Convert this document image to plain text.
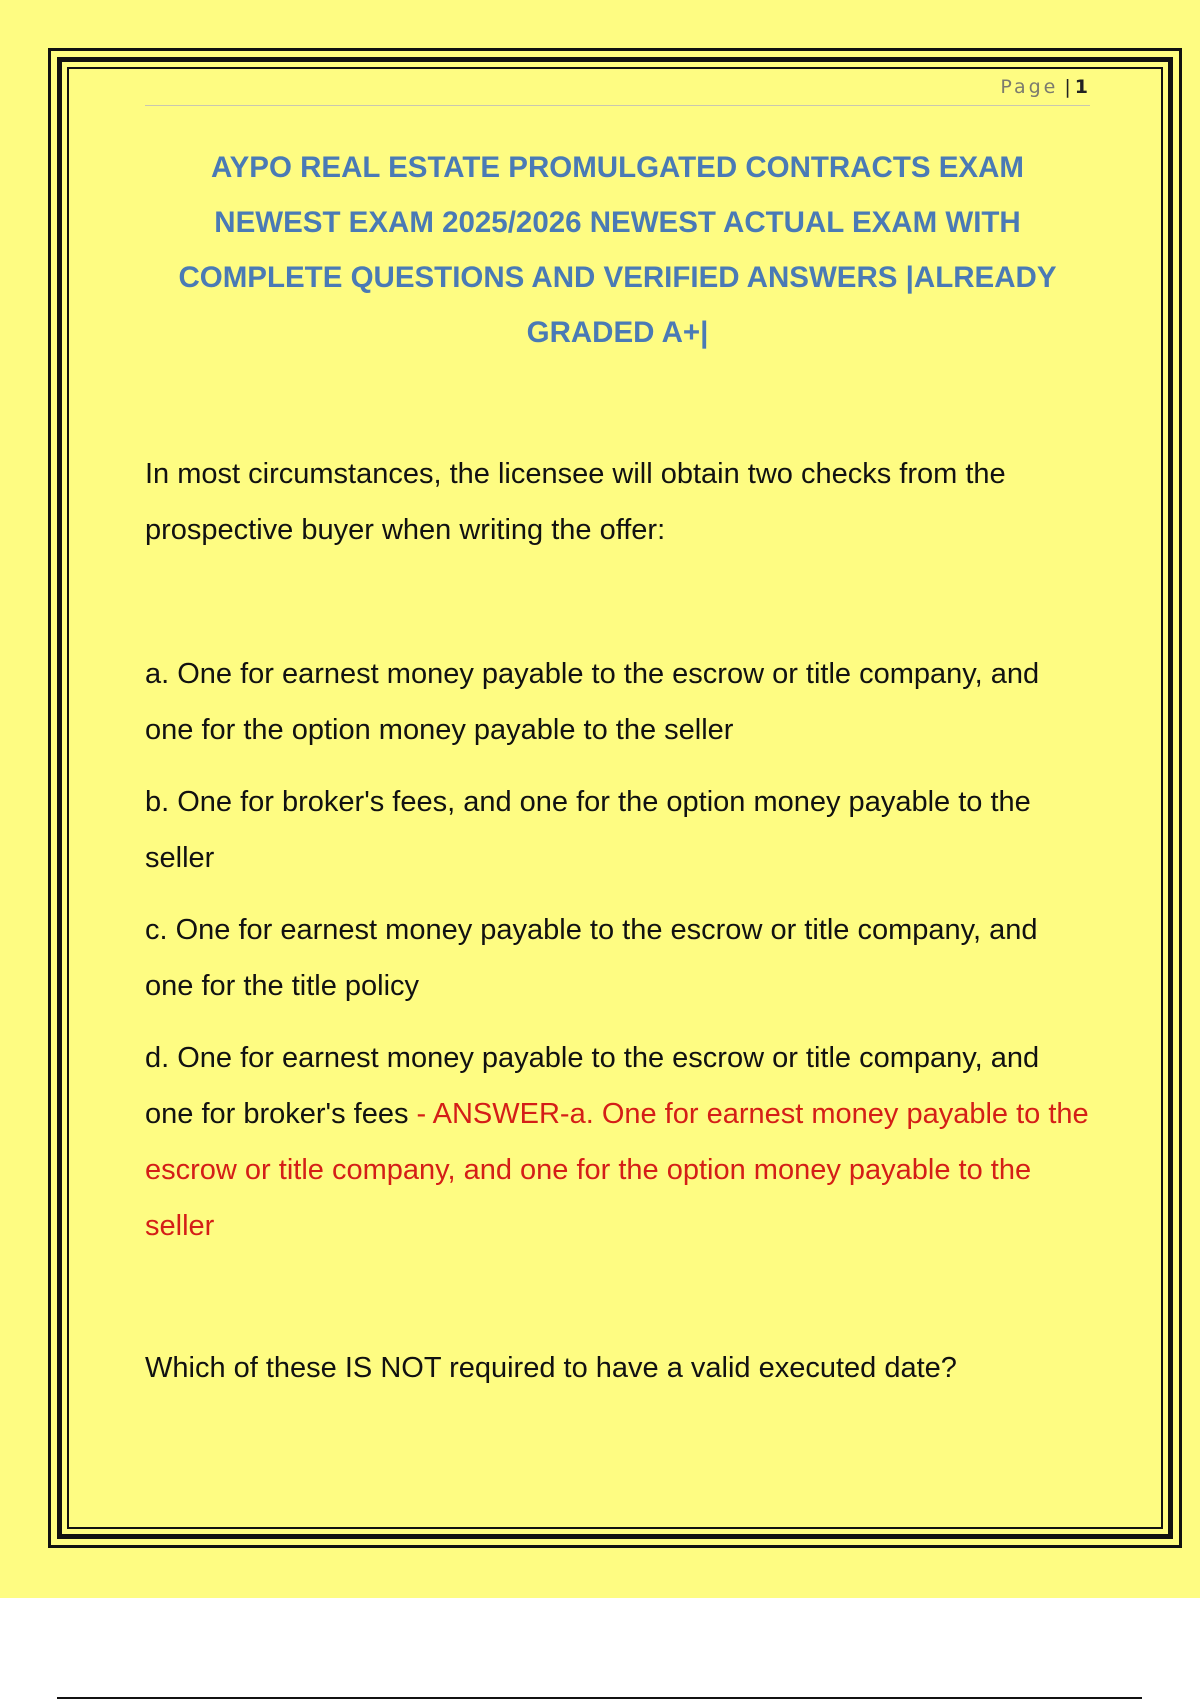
Page | 1
AYPO REAL ESTATE PROMULGATED CONTRACTS EXAM NEWEST EXAM 2025/2026 NEWEST ACTUAL EXAM WITH COMPLETE QUESTIONS AND VERIFIED ANSWERS |ALREADY GRADED A+|

In most circumstances, the licensee will obtain two checks from the prospective buyer when writing the offer:

a. One for earnest money payable to the escrow or title company, and one for the option money payable to the seller

b. One for broker's fees, and one for the option money payable to the seller

c. One for earnest money payable to the escrow or title company, and one for the title policy

d. One for earnest money payable to the escrow or title company, and one for broker's fees - ANSWER-a. One for earnest money payable to the escrow or title company, and one for the option money payable to the seller

Which of these IS NOT required to have a valid executed date?
